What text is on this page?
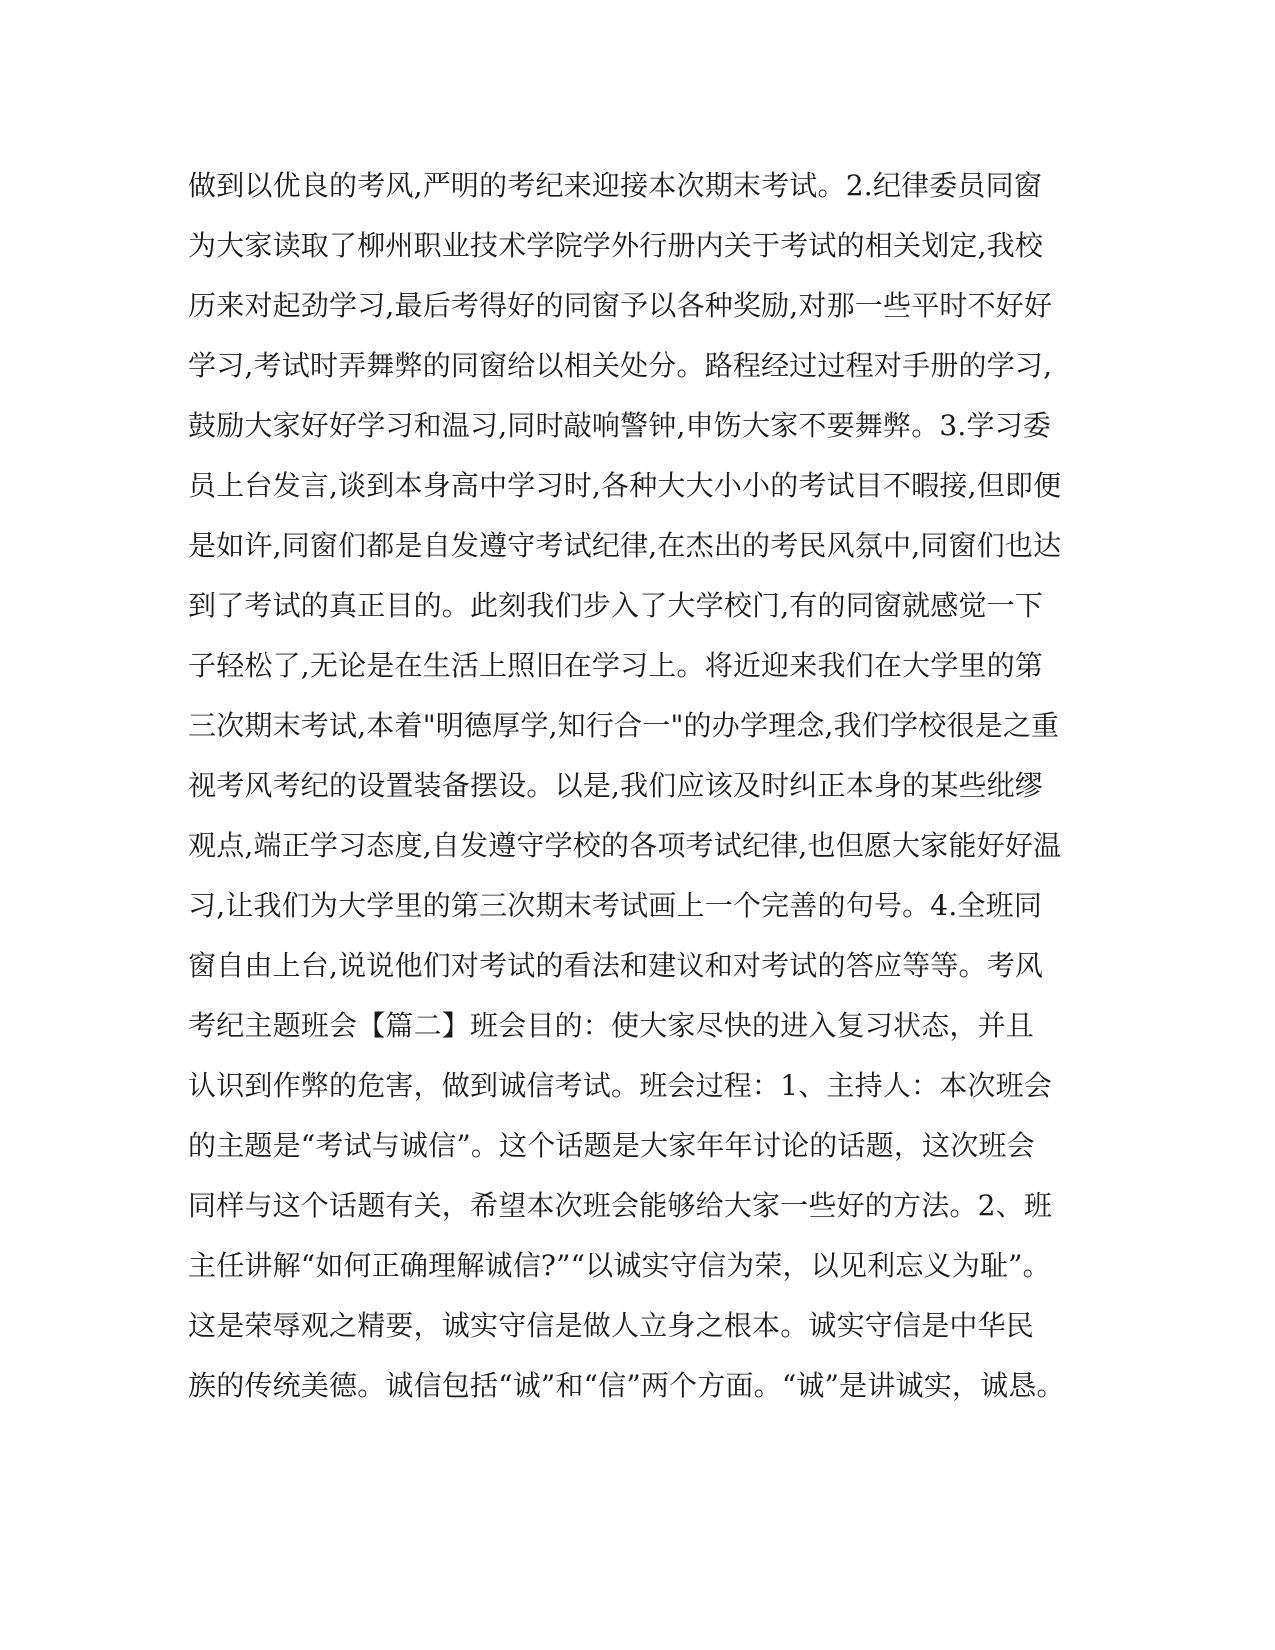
做到以优良的考风,严明的考纪来迎接本次期末考试。2.纪律委员同窗
为大家读取了柳州职业技术学院学外行册内关于考试的相关划定,我校
历来对起劲学习,最后考得好的同窗予以各种奖励,对那一些平时不好好
学习,考试时弄舞弊的同窗给以相关处分。路程经过过程对手册的学习,
鼓励大家好好学习和温习,同时敲响警钟,申饬大家不要舞弊。3.学习委
员上台发言,谈到本身高中学习时,各种大大小小的考试目不暇接,但即便
是如许,同窗们都是自发遵守考试纪律,在杰出的考民风氛中,同窗们也达
到了考试的真正目的。此刻我们步入了大学校门,有的同窗就感觉一下
子轻松了,无论是在生活上照旧在学习上。将近迎来我们在大学里的第
三次期末考试,本着"明德厚学,知行合一"的办学理念,我们学校很是之重
视考风考纪的设置装备摆设。以是,我们应该及时纠正本身的某些纰缪
观点,端正学习态度,自发遵守学校的各项考试纪律,也但愿大家能好好温
习,让我们为大学里的第三次期末考试画上一个完善的句号。4.全班同
窗自由上台,说说他们对考试的看法和建议和对考试的答应等等。考风
考纪主题班会【篇二】班会目的：使大家尽快的进入复习状态，并且
认识到作弊的危害，做到诚信考试。班会过程：1、主持人：本次班会
的主题是“考试与诚信”。这个话题是大家年年讨论的话题，这次班会
同样与这个话题有关，希望本次班会能够给大家一些好的方法。2、班
主任讲解“如何正确理解诚信?”“以诚实守信为荣，以见利忘义为耻”。
这是荣辱观之精要，诚实守信是做人立身之根本。诚实守信是中华民
族的传统美德。诚信包括“诚”和“信”两个方面。“诚”是讲诚实，诚恳。
